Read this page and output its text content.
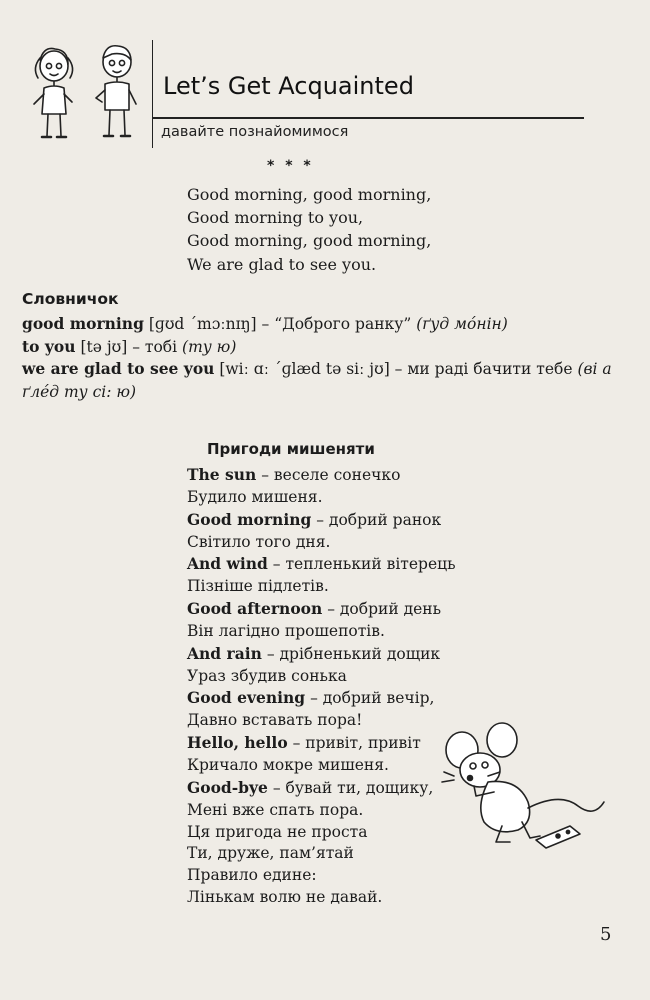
Let’s Get Acquainted
давайте познайомимося
* * *
Good morning, good morning,
Good morning to you,
Good morning, good morning,
We are glad to see you.
Словничок

good morning [ɡʊd ´mɔːnɪŋ] – “Доброго ранку” (ґуд мóнін)

to you [tə jʊ] – тобі (ту ю)

we are glad to see you [wiː ɑː ´ɡlæd tə siː jʊ] – ми раді бачити тебе (ві а ґлéд ту сі: ю)

Пригоди мишеняти
The sun – веселе сонечко
Будило мишеня.
Good morning – добрий ранок
Світило того дня.
And wind – тепленький вітерець
Пізніше підлетів.
Good afternoon – добрий день
Він лагідно прошепотів.
And rain – дрібненький дощик
Ураз збудив сонька
Good evening – добрий вечір,
Давно вставать пора!
Hello, hello – привіт, привіт
Кричало мокре мишеня.
Good-bye – бувай ти, дощику,
Мені вже спать пора.
Ця пригода не проста
Ти, друже, пам’ятай
Правило едине:
Лінькам волю не давай.
5
